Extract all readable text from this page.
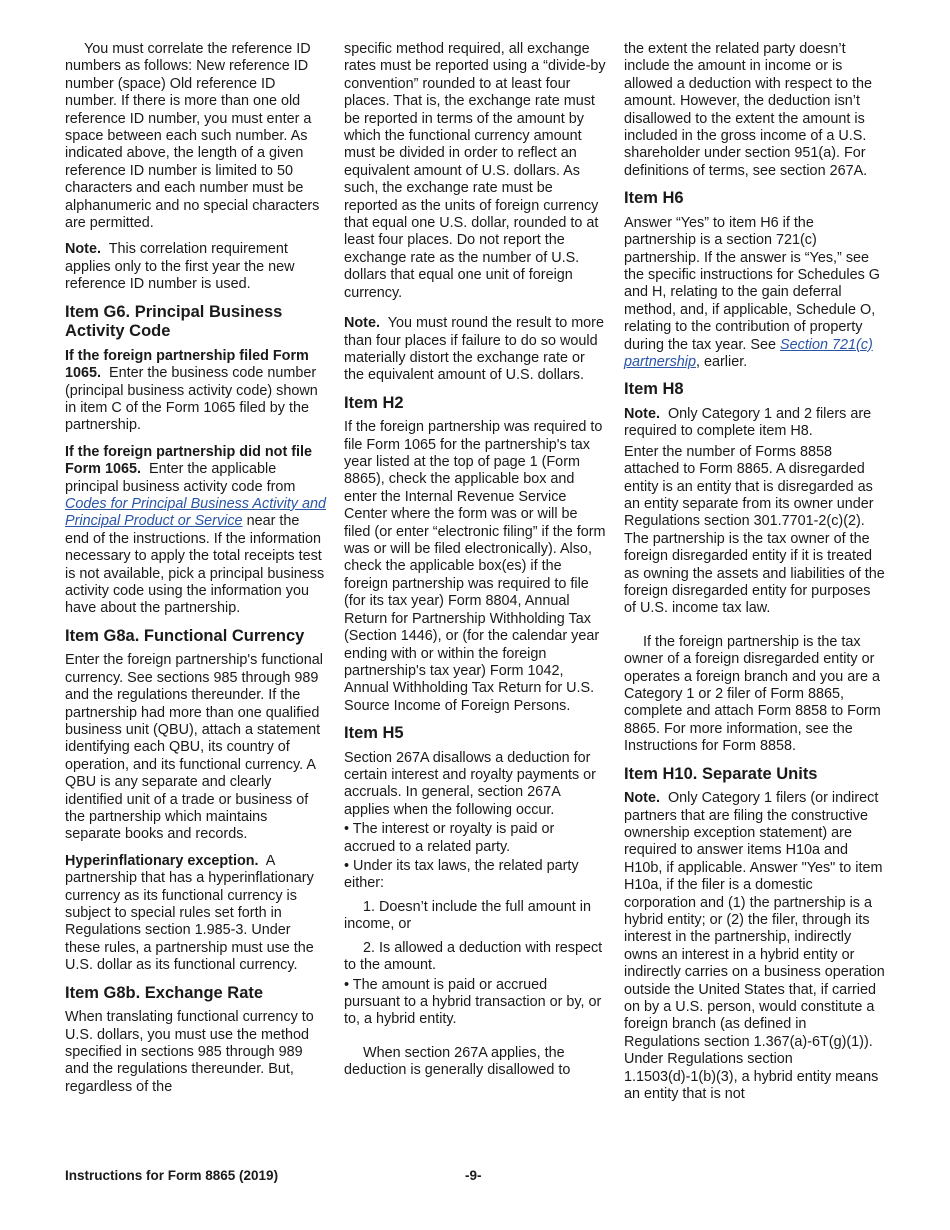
You must correlate the reference ID numbers as follows: New reference ID number (space) Old reference ID number. If there is more than one old reference ID number, you must enter a space between each such number. As indicated above, the length of a given reference ID number is limited to 50 characters and each number must be alphanumeric and no special characters are permitted.

Note. This correlation requirement applies only to the first year the new reference ID number is used.

Item G6. Principal Business Activity Code

If the foreign partnership filed Form 1065. Enter the business code number (principal business activity code) shown in item C of the Form 1065 filed by the partnership.

If the foreign partnership did not file Form 1065. Enter the applicable principal business activity code from Codes for Principal Business Activity and Principal Product or Service near the end of the instructions. If the information necessary to apply the total receipts test is not available, pick a principal business activity code using the information you have about the partnership.

Item G8a. Functional Currency

Enter the foreign partnership's functional currency. See sections 985 through 989 and the regulations thereunder. If the partnership had more than one qualified business unit (QBU), attach a statement identifying each QBU, its country of operation, and its functional currency. A QBU is any separate and clearly identified unit of a trade or business of the partnership which maintains separate books and records.

Hyperinflationary exception. A partnership that has a hyperinflationary currency as its functional currency is subject to special rules set forth in Regulations section 1.985-3. Under these rules, a partnership must use the U.S. dollar as its functional currency.

Item G8b. Exchange Rate

When translating functional currency to U.S. dollars, you must use the method specified in sections 985 through 989 and the regulations thereunder. But, regardless of the

specific method required, all exchange rates must be reported using a “divide-by convention” rounded to at least four places. That is, the exchange rate must be reported in terms of the amount by which the functional currency amount must be divided in order to reflect an equivalent amount of U.S. dollars. As such, the exchange rate must be reported as the units of foreign currency that equal one U.S. dollar, rounded to at least four places. Do not report the exchange rate as the number of U.S. dollars that equal one unit of foreign currency.

Note. You must round the result to more than four places if failure to do so would materially distort the exchange rate or the equivalent amount of U.S. dollars.

Item H2

If the foreign partnership was required to file Form 1065 for the partnership's tax year listed at the top of page 1 (Form 8865), check the applicable box and enter the Internal Revenue Service Center where the form was or will be filed (or enter “electronic filing” if the form was or will be filed electronically). Also, check the applicable box(es) if the foreign partnership was required to file (for its tax year) Form 8804, Annual Return for Partnership Withholding Tax (Section 1446), or (for the calendar year ending with or within the foreign partnership's tax year) Form 1042, Annual Withholding Tax Return for U.S. Source Income of Foreign Persons.

Item H5

Section 267A disallows a deduction for certain interest and royalty payments or accruals. In general, section 267A applies when the following occur.

• The interest or royalty is paid or accrued to a related party.

• Under its tax laws, the related party either:

1. Doesn’t include the full amount in income, or

2. Is allowed a deduction with respect to the amount.

• The amount is paid or accrued pursuant to a hybrid transaction or by, or to, a hybrid entity.

When section 267A applies, the deduction is generally disallowed to

the extent the related party doesn’t include the amount in income or is allowed a deduction with respect to the amount. However, the deduction isn’t disallowed to the extent the amount is included in the gross income of a U.S. shareholder under section 951(a). For definitions of terms, see section 267A.

Item H6

Answer “Yes” to item H6 if the partnership is a section 721(c) partnership. If the answer is “Yes,” see the specific instructions for Schedules G and H, relating to the gain deferral method, and, if applicable, Schedule O, relating to the contribution of property during the tax year. See Section 721(c) partnership, earlier.

Item H8

Note. Only Category 1 and 2 filers are required to complete item H8.

Enter the number of Forms 8858 attached to Form 8865. A disregarded entity is an entity that is disregarded as an entity separate from its owner under Regulations section 301.7701-2(c)(2). The partnership is the tax owner of the foreign disregarded entity if it is treated as owning the assets and liabilities of the foreign disregarded entity for purposes of U.S. income tax law.

If the foreign partnership is the tax owner of a foreign disregarded entity or operates a foreign branch and you are a Category 1 or 2 filer of Form 8865, complete and attach Form 8858 to Form 8865. For more information, see the Instructions for Form 8858.

Item H10. Separate Units

Note. Only Category 1 filers (or indirect partners that are filing the constructive ownership exception statement) are required to answer items H10a and H10b, if applicable. Answer "Yes" to item H10a, if the filer is a domestic corporation and (1) the partnership is a hybrid entity; or (2) the filer, through its interest in the partnership, indirectly owns an interest in a hybrid entity or indirectly carries on a business operation outside the United States that, if carried on by a U.S. person, would constitute a foreign branch (as defined in Regulations section 1.367(a)-6T(g)(1)). Under Regulations section 1.1503(d)-1(b)(3), a hybrid entity means an entity that is not

Instructions for Form 8865 (2019)	-9-
